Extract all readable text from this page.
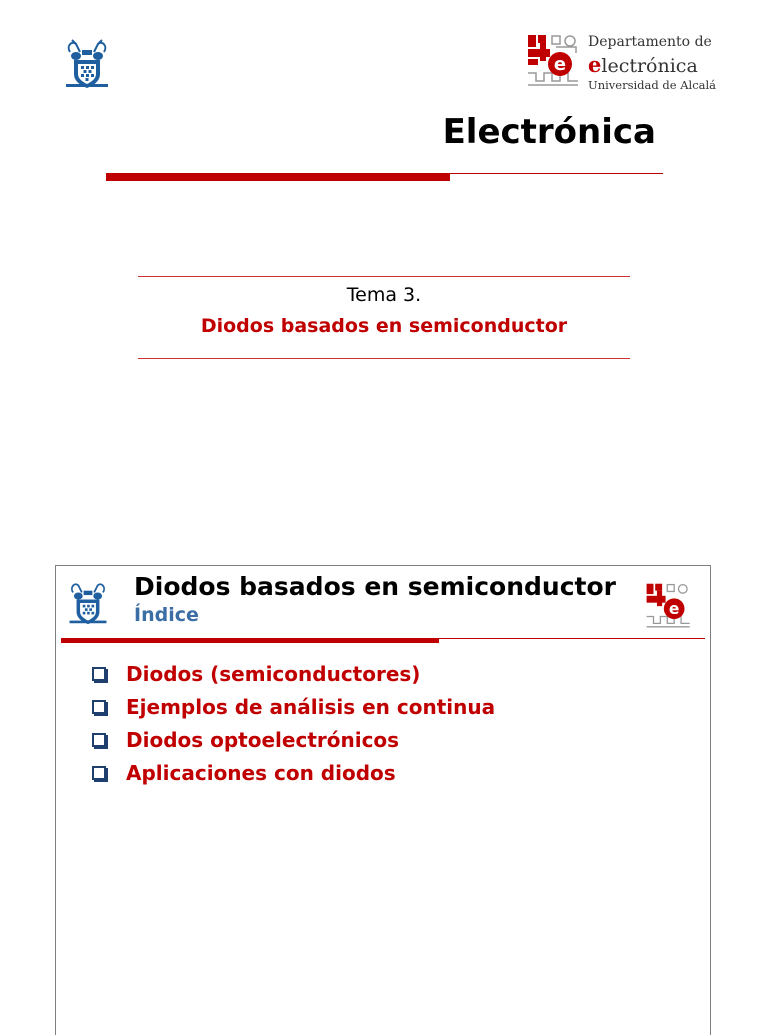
e
Departamento de
electrónica
Universidad de Alcalá
Electrónica
Tema 3.
Diodos basados en semiconductor
Diodos basados en semiconductor
Índice	e
Diodos (semiconductores)
Ejemplos de análisis en continua
Diodos optoelectrónicos
Aplicaciones con diodos
